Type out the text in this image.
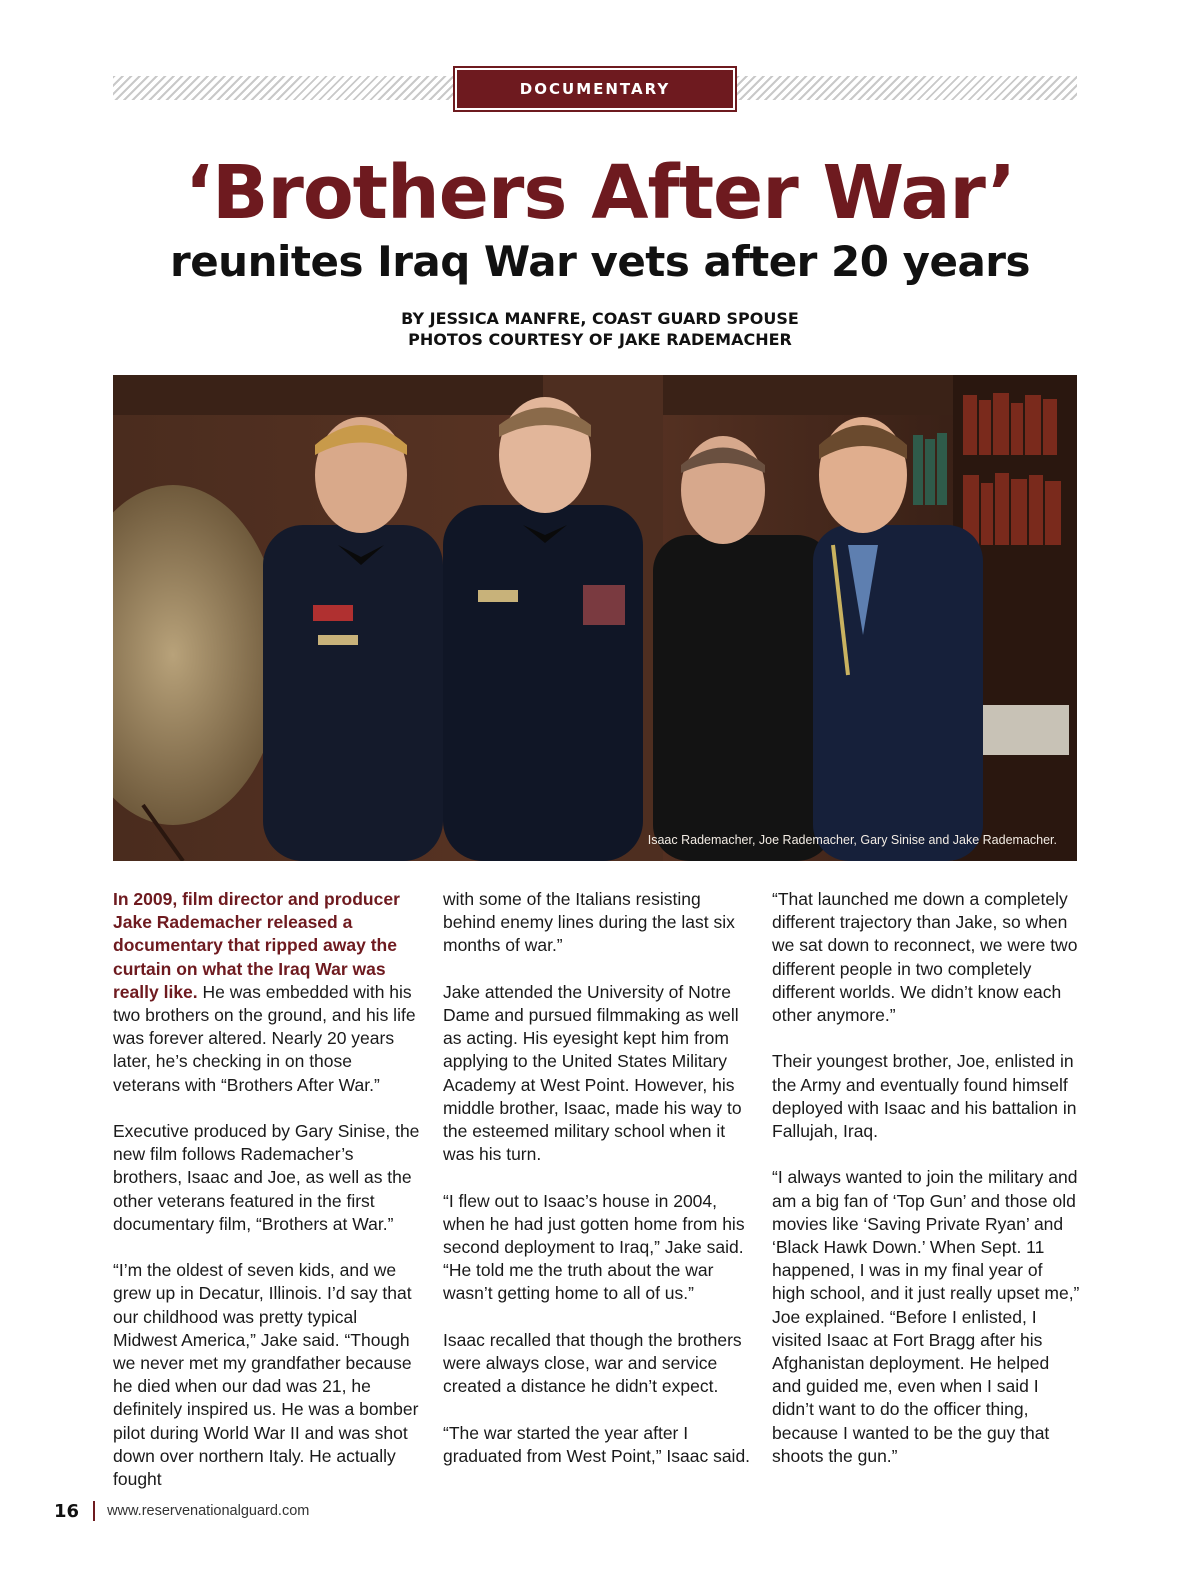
DOCUMENTARY
‘Brothers After War’
reunites Iraq War vets after 20 years
BY JESSICA MANFRE, COAST GUARD SPOUSE
PHOTOS COURTESY OF JAKE RADEMACHER
Isaac Rademacher, Joe Rademacher, Gary Sinise and Jake Rademacher.

In 2009, film director and producer Jake Rademacher released a documentary that ripped away the curtain on what the Iraq War was really like. He was embedded with his two brothers on the ground, and his life was forever altered. Nearly 20 years later, he’s checking in on those veterans with “Brothers After War.”

Executive produced by Gary Sinise, the new film follows Rademacher’s brothers, Isaac and Joe, as well as the other veterans featured in the first documentary film, “Brothers at War.”

“I’m the oldest of seven kids, and we grew up in Decatur, Illinois. I’d say that our childhood was pretty typical Midwest America,” Jake said. “Though we never met my grandfather because he died when our dad was 21, he definitely inspired us. He was a bomber pilot during World War II and was shot down over northern Italy. He actually fought

with some of the Italians resisting behind enemy lines during the last six months of war.”

Jake attended the University of Notre Dame and pursued filmmaking as well as acting. His eyesight kept him from applying to the United States Military Academy at West Point. However, his middle brother, Isaac, made his way to the esteemed military school when it was his turn.

“I flew out to Isaac’s house in 2004, when he had just gotten home from his second deployment to Iraq,” Jake said. “He told me the truth about the war wasn’t getting home to all of us.”

Isaac recalled that though the brothers were always close, war and service created a distance he didn’t expect.

“The war started the year after I graduated from West Point,” Isaac said.

“That launched me down a completely different trajectory than Jake, so when we sat down to reconnect, we were two different people in two completely different worlds. We didn’t know each other anymore.”

Their youngest brother, Joe, enlisted in the Army and eventually found himself deployed with Isaac and his battalion in Fallujah, Iraq.

“I always wanted to join the military and am a big fan of ‘Top Gun’ and those old movies like ‘Saving Private Ryan’ and ‘Black Hawk Down.’ When Sept. 11 happened, I was in my final year of high school, and it just really upset me,” Joe explained. “Before I enlisted, I visited Isaac at Fort Bragg after his Afghanistan deployment. He helped and guided me, even when I said I didn’t want to do the officer thing, because I wanted to be the guy that shoots the gun.”

16 www.reservenationalguard.com
